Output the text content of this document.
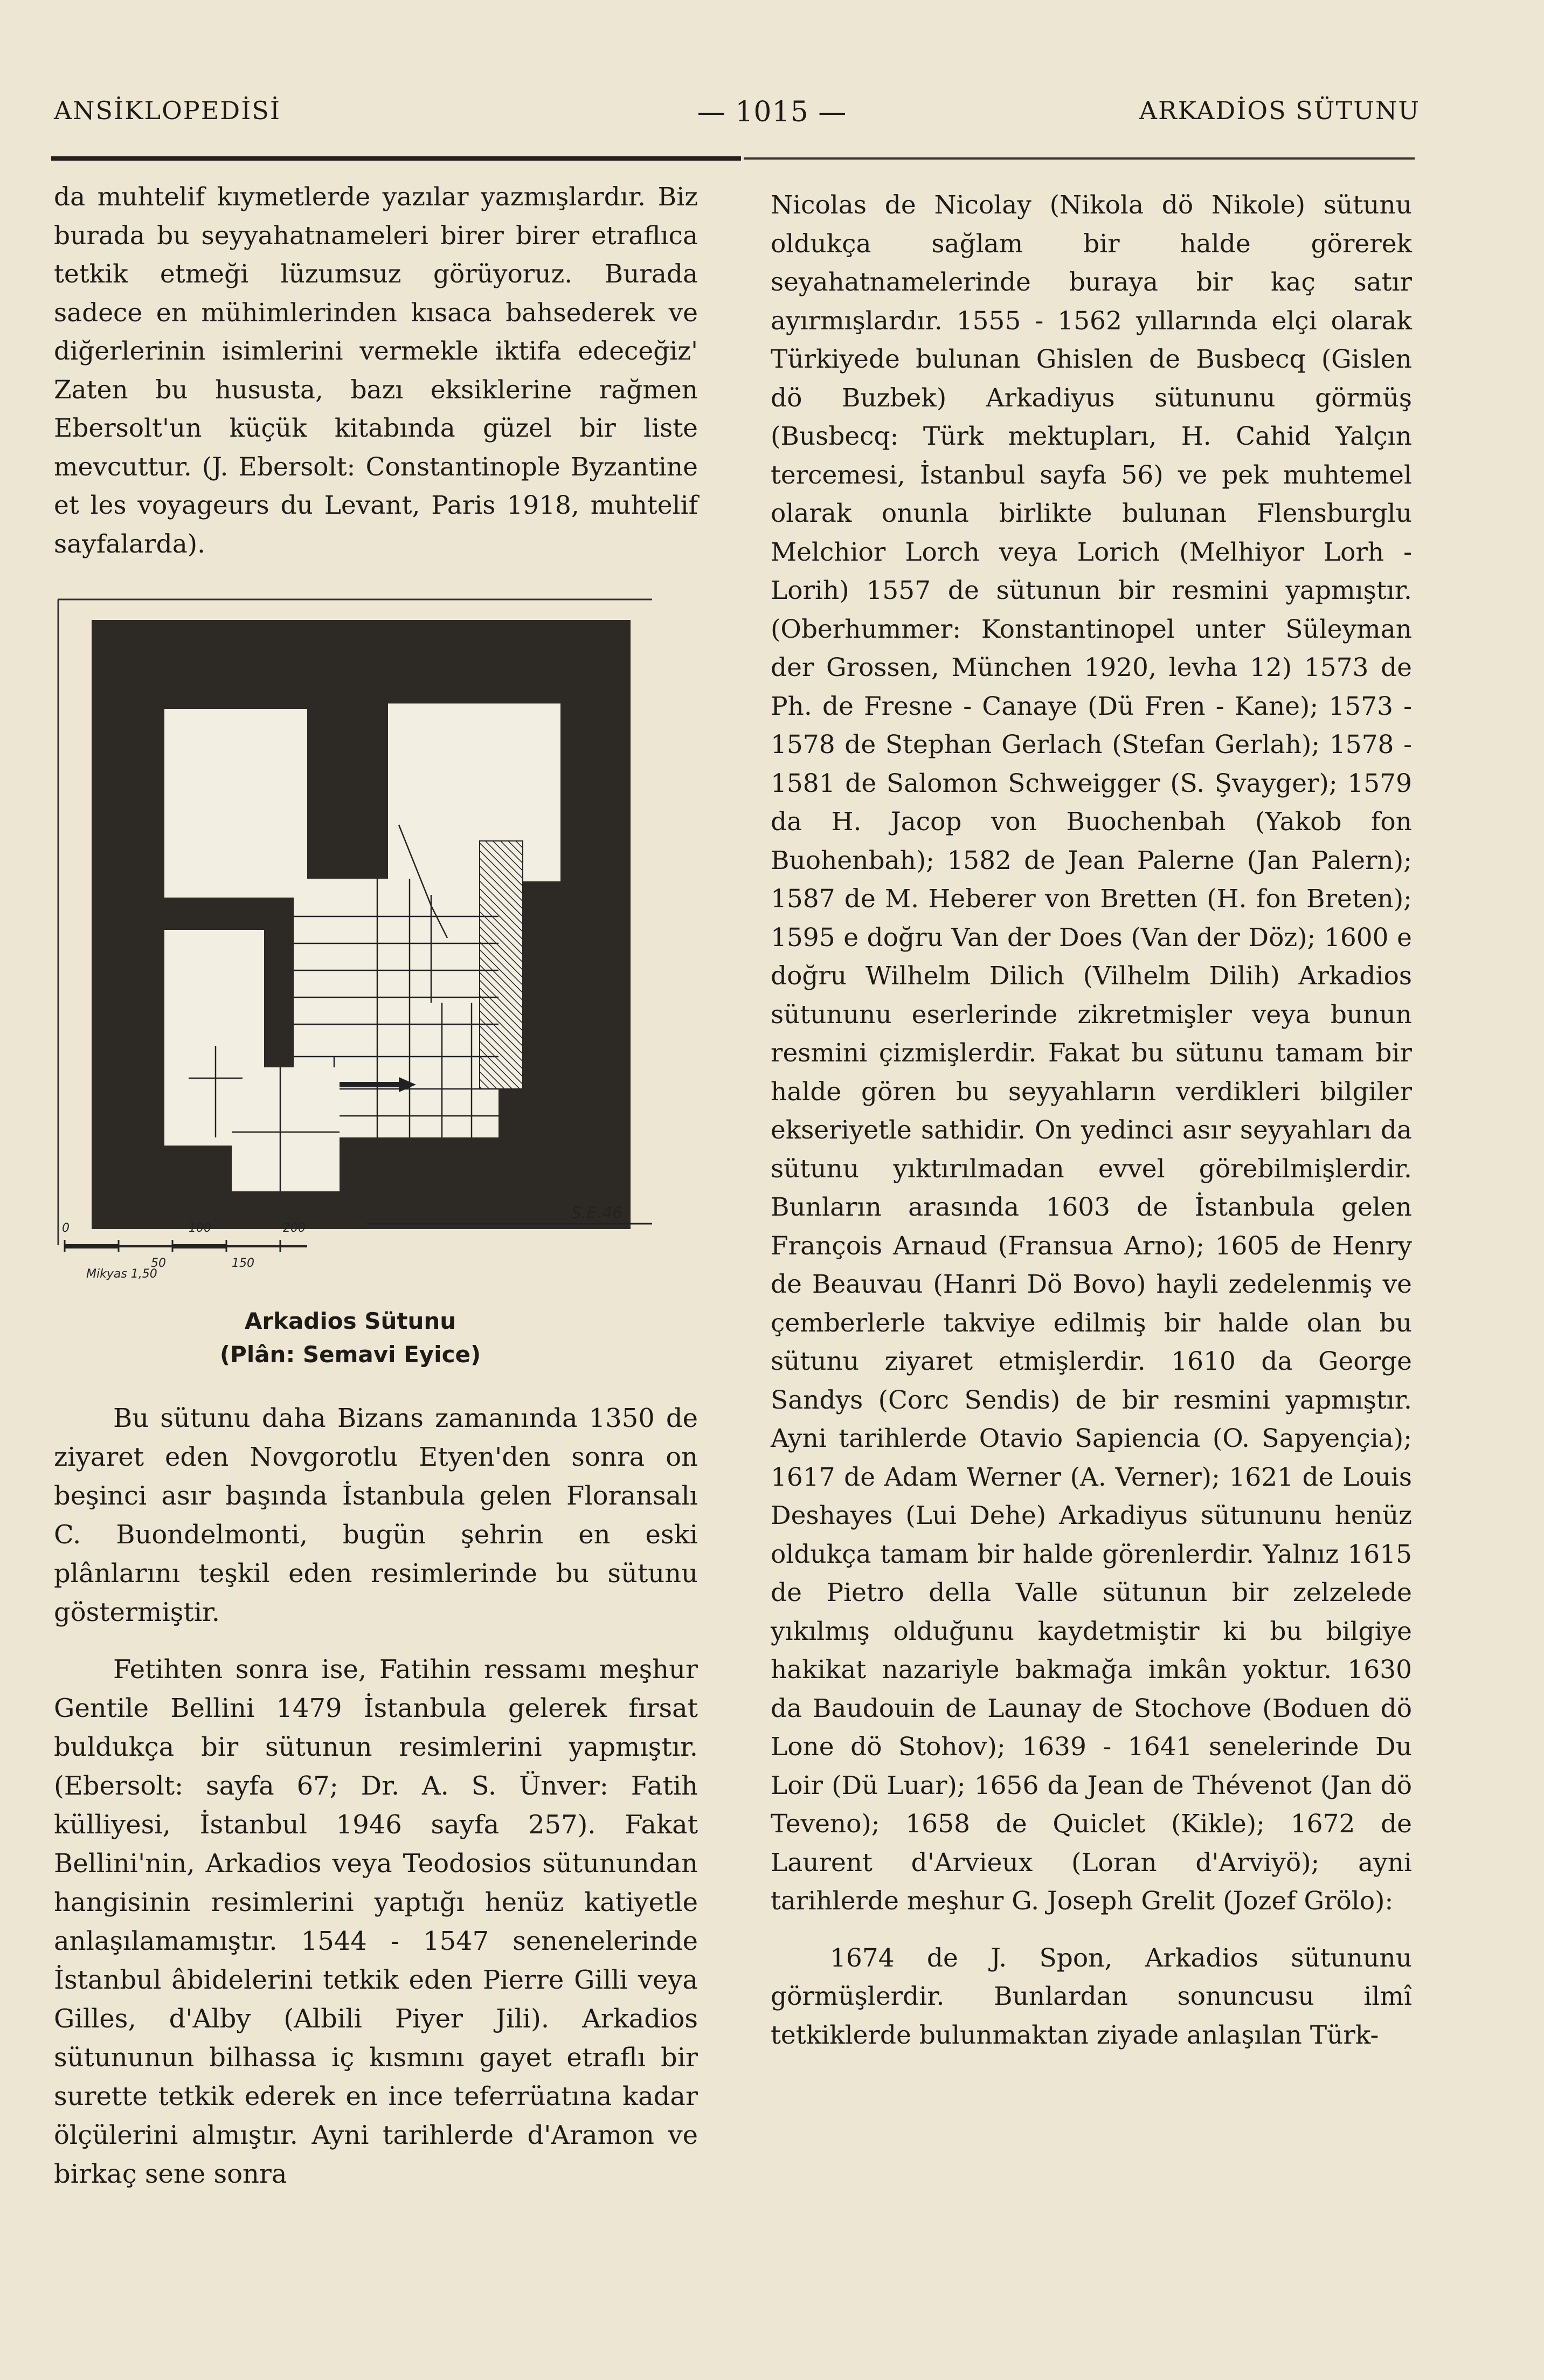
ANSİKLOPEDİSİ	— 1015 —	ARKADİOS SÜTUNU

da muhtelif kıymetlerde yazılar yazmışlardır. Biz burada bu seyyahatnameleri birer birer etraflıca tetkik etmeği lüzumsuz görüyoruz. Burada sadece en mühimlerinden kısaca bahsederek ve diğerlerinin isimlerini vermekle iktifa edeceğiz' Zaten bu hususta, bazı eksiklerine rağmen Ebersolt'un küçük kitabında güzel bir liste mevcuttur. (J. Ebersolt: Constantinople Byzantine et les voyageurs du Levant, Paris 1918, muhtelif sayfalarda).

0
50
100
150
200
Mikyas 1,50
S.E.46
Arkadios Sütunu
(Plân: Semavi Eyice)

Bu sütunu daha Bizans zamanında 1350 de ziyaret eden Novgorotlu Etyen'den sonra on beşinci asır başında İstanbula gelen Floransalı C. Buondelmonti, bugün şehrin en eski plânlarını teşkil eden resimlerinde bu sütunu göstermiştir.

Fetihten sonra ise, Fatihin ressamı meşhur Gentile Bellini 1479 İstanbula gelerek fırsat buldukça bir sütunun resimlerini yapmıştır. (Ebersolt: sayfa 67; Dr. A. S. Ünver: Fatih külliyesi, İstanbul 1946 sayfa 257). Fakat Bellini'nin, Arkadios veya Teodosios sütunundan hangisinin resimlerini yaptığı henüz katiyetle anlaşılamamıştır. 1544 - 1547 senenelerinde İstanbul âbidelerini tetkik eden Pierre Gilli veya Gilles, d'Alby (Albili Piyer Jili). Arkadios sütununun bilhassa iç kısmını gayet etraflı bir surette tetkik ederek en ince teferrüatına kadar ölçülerini almıştır. Ayni tarihlerde d'Aramon ve birkaç sene sonra

Nicolas de Nicolay (Nikola dö Nikole) sütunu oldukça sağlam bir halde görerek seyahatnamelerinde buraya bir kaç satır ayırmışlardır. 1555 - 1562 yıllarında elçi olarak Türkiyede bulunan Ghislen de Busbecq (Gislen dö Buzbek) Arkadiyus sütununu görmüş (Busbecq: Türk mektupları, H. Cahid Yalçın tercemesi, İstanbul sayfa 56) ve pek muhtemel olarak onunla birlikte bulunan Flensburglu Melchior Lorch veya Lorich (Melhiyor Lorh - Lorih) 1557 de sütunun bir resmini yapmıştır. (Oberhummer: Konstantinopel unter Süleyman der Grossen, München 1920, levha 12) 1573 de Ph. de Fresne - Canaye (Dü Fren - Kane); 1573 - 1578 de Stephan Gerlach (Stefan Gerlah); 1578 - 1581 de Salomon Schweigger (S. Şvayger); 1579 da H. Jacop von Buochenbah (Yakob fon Buohenbah); 1582 de Jean Palerne (Jan Palern); 1587 de M. Heberer von Bretten (H. fon Breten); 1595 e doğru Van der Does (Van der Döz); 1600 e doğru Wilhelm Dilich (Vilhelm Dilih) Arkadios sütununu eserlerinde zikretmişler veya bunun resmini çizmişlerdir. Fakat bu sütunu tamam bir halde gören bu seyyahların verdikleri bilgiler ekseriyetle sathidir. On yedinci asır seyyahları da sütunu yıktırılmadan evvel görebilmişlerdir. Bunların arasında 1603 de İstanbula gelen François Arnaud (Fransua Arno); 1605 de Henry de Beauvau (Hanri Dö Bovo) hayli zedelenmiş ve çemberlerle takviye edilmiş bir halde olan bu sütunu ziyaret etmişlerdir. 1610 da George Sandys (Corc Sendis) de bir resmini yapmıştır. Ayni tarihlerde Otavio Sapiencia (O. Sapyençia); 1617 de Adam Werner (A. Verner); 1621 de Louis Deshayes (Lui Dehe) Arkadiyus sütununu henüz oldukça tamam bir halde görenlerdir. Yalnız 1615 de Pietro della Valle sütunun bir zelzelede yıkılmış olduğunu kaydetmiştir ki bu bilgiye hakikat nazariyle bakmağa imkân yoktur. 1630 da Baudouin de Launay de Stochove (Boduen dö Lone dö Stohov); 1639 - 1641 senelerinde Du Loir (Dü Luar); 1656 da Jean de Thévenot (Jan dö Teveno); 1658 de Quiclet (Kikle); 1672 de Laurent d'Arvieux (Loran d'Arviyö); ayni tarihlerde meşhur G. Joseph Grelit (Jozef Grölo):

1674 de J. Spon, Arkadios sütununu görmüşlerdir. Bunlardan sonuncusu ilmî tetkiklerde bulunmaktan ziyade anlaşılan Türk-
